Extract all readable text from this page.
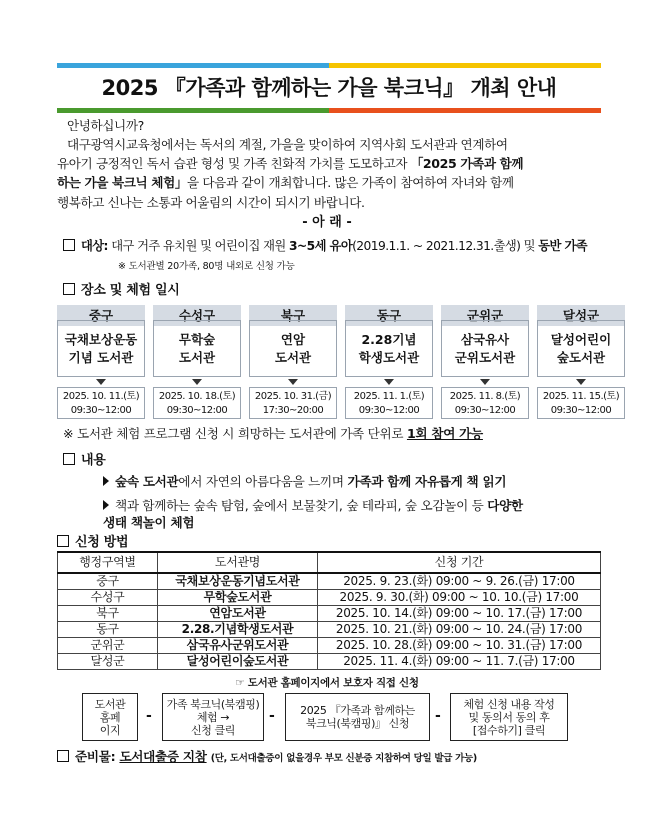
2025 『가족과 함께하는 가을 북크닉』 개최 안내
안녕하십니까?
대구광역시교육청에서는 독서의 계절, 가을을 맞이하여 지역사회 도서관과 연계하여
유아기 긍정적인 독서 습관 형성 및 가족 친화적 가치를 도모하고자 「2025 가족과 함께
하는 가을 북크닉 체험」을 다음과 같이 개최합니다. 많은 가족이 참여하여 자녀와 함께
행복하고 신나는 소통과 어울림의 시간이 되시기 바랍니다.
- 아 래 -
대상: 대구 거주 유치원 및 어린이집 재원 3~5세 유아(2019.1.1. ~ 2021.12.31.출생) 및 동반 가족
※ 도서관별 20가족, 80명 내외로 신청 가능
장소 및 체험 일시
중구
국채보상운동
기념 도서관
2025. 10. 11.(토)
09:30~12:00
수성구
무학숲
도서관
2025. 10. 18.(토)
09:30~12:00
북구
연암
도서관
2025. 10. 31.(금)
17:30~20:00
동구
2.28기념
학생도서관
2025. 11. 1.(토)
09:30~12:00
군위군
삼국유사
군위도서관
2025. 11. 8.(토)
09:30~12:00
달성군
달성어린이
숲도서관
2025. 11. 15.(토)
09:30~12:00
※ 도서관 체험 프로그램 신청 시 희망하는 도서관에 가족 단위로 1회 참여 가능
내용
숲속 도서관에서 자연의 아름다움을 느끼며 가족과 함께 자유롭게 책 읽기
책과 함께하는 숲속 탐험, 숲에서 보물찾기, 숲 테라피, 숲 오감놀이 등 다양한
생태 책놀이 체험
신청 방법
행정구역별	도서관명	신청 기간
중구	국채보상운동기념도서관	2025. 9. 23.(화) 09:00 ~ 9. 26.(금) 17:00
수성구	무학숲도서관	2025. 9. 30.(화) 09:00 ~ 10. 10.(금) 17:00
북구	연암도서관	2025. 10. 14.(화) 09:00 ~ 10. 17.(금) 17:00
동구	2.28.기념학생도서관	2025. 10. 21.(화) 09:00 ~ 10. 24.(금) 17:00
군위군	삼국유사군위도서관	2025. 10. 28.(화) 09:00 ~ 10. 31.(금) 17:00
달성군	달성어린이숲도서관	2025. 11. 4.(화) 09:00 ~ 11. 7.(금) 17:00
☞ 도서관 홈페이지에서 보호자 직접 신청
도서관
홈페
이지
-
가족 북크닉(북캠핑)
체험 →
신청 클릭
-	2025 『가족과 함께하는
북크닉(북캠핑)』 신청	-
체험 신청 내용 작성
및 동의서 동의 후
[접수하기] 클릭
준비물: 도서대출증 지참 (단, 도서대출증이 없을경우 부모 신분증 지참하여 당일 발급 가능)
